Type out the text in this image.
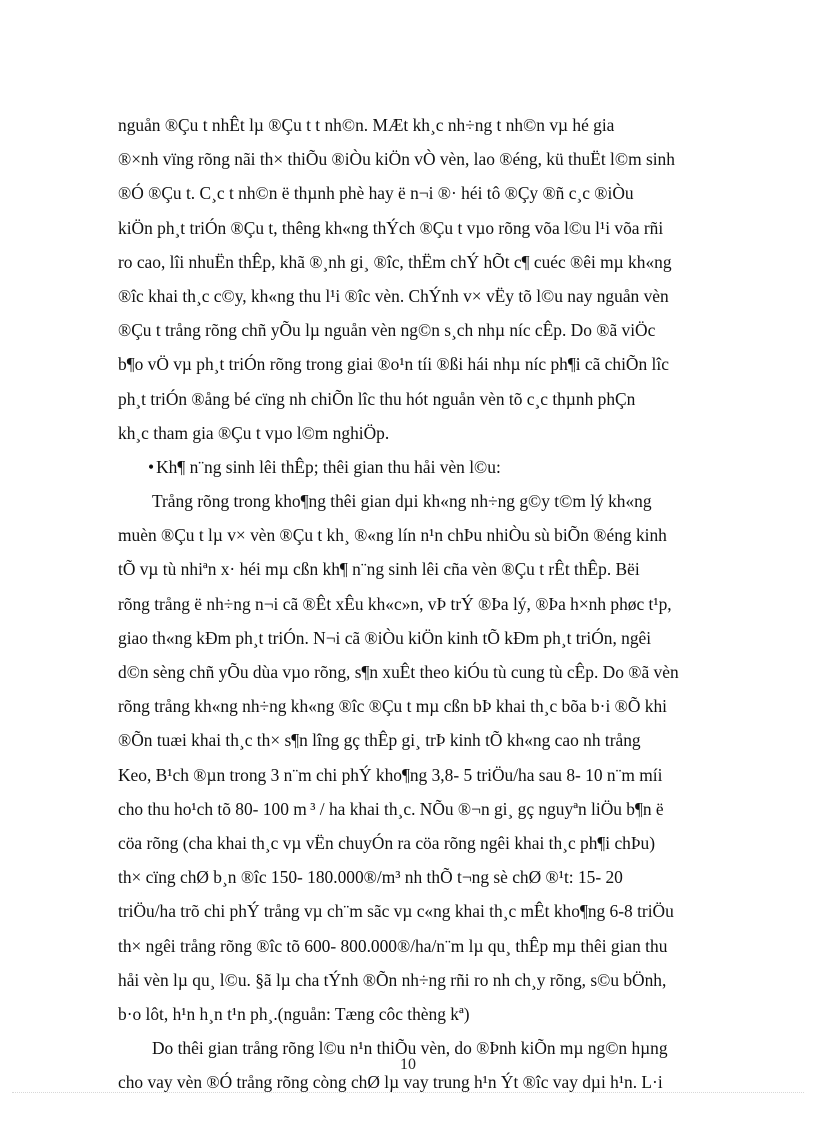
nguån ®Çu t nhÊt lµ ®Çu t t nh©n. MÆt kh¸c nh÷ng t nh©n vµ hé gia
®×nh vïng rõng nãi th× thiÕu ®iÒu kiÖn vÒ vèn, lao ®éng, kü thuËt l©m sinh
®Ó ®Çu t. C¸c t nh©n ë thµnh phè hay ë n¬i ®· héi tô ®Çy ®ñ c¸c ®iÒu
kiÖn ph¸t triÓn ®Çu t, thêng kh«ng thÝch ®Çu t vµo rõng võa l©u l¹i võa rñi
ro cao, lîi nhuËn thÊp, khã ®¸nh gi¸ ®îc, thËm chÝ hÕt c¶ cuéc ®êi mµ kh«ng
®îc khai th¸c c©y, kh«ng thu l¹i ®îc vèn. ChÝnh v× vËy tõ l©u nay nguån vèn
®Çu t trång rõng chñ yÕu lµ nguån vèn ng©n s¸ch nhµ níc cÊp. Do ®ã viÖc
b¶o vÖ vµ ph¸t triÓn rõng trong giai ®o¹n tíi ®ßi hái nhµ níc ph¶i cã chiÕn lîc
ph¸t triÓn ®ång bé cïng nh chiÕn lîc thu hót nguån vèn tõ c¸c thµnh phÇn
kh¸c tham gia ®Çu t vµo l©m nghiÖp.
• Kh¶ n¨ng sinh lêi thÊp; thêi gian thu håi vèn l©u:
Trång rõng trong kho¶ng thêi gian dµi kh«ng nh÷ng g©y t©m lý kh«ng
muèn ®Çu t lµ v× vèn ®Çu t kh¸ ®«ng lín n¹n chÞu nhiÒu sù biÕn ®éng kinh
tÕ vµ tù nhiªn x· héi mµ cßn kh¶ n¨ng sinh lêi cña vèn ®Çu t rÊt thÊp. Bëi
rõng trång ë nh÷ng n¬i cã ®Êt xÊu kh«c»n, vÞ trÝ ®Þa lý, ®Þa h×nh phøc t¹p,
giao th«ng kÐm ph¸t triÓn. N¬i cã ®iÒu kiÖn kinh tÕ kÐm ph¸t triÓn, ngêi
d©n sèng chñ yÕu dùa vµo rõng, s¶n xuÊt theo kiÓu tù cung tù cÊp. Do ®ã vèn
rõng trång kh«ng nh÷ng kh«ng ®îc ®Çu t mµ cßn bÞ khai th¸c bõa b·i ®Õ khi
®Õn tuæi khai th¸c th× s¶n lîng gç thÊp gi¸ trÞ kinh tÕ kh«ng cao nh trång
Keo, B¹ch ®µn trong 3 n¨m chi phÝ kho¶ng 3,8- 5 triÖu/ha sau 8- 10 n¨m míi
cho thu ho¹ch tõ 80- 100 m ³ / ha khai th¸c. NÕu ®¬n gi¸ gç nguyªn liÖu b¶n ë
cöa rõng (cha khai th¸c vµ vËn chuyÓn ra cöa rõng ngêi khai th¸c ph¶i chÞu)
th× cïng chØ b¸n ®îc 150- 180.000®/m³ nh thÕ t¬ng sè chØ ®¹t: 15- 20
triÖu/ha trõ chi phÝ trång vµ ch¨m sãc vµ c«ng khai th¸c mÊt kho¶ng 6-8 triÖu
th× ngêi trång rõng ®îc tõ 600- 800.000®/ha/n¨m lµ qu¸ thÊp mµ thêi gian thu
håi vèn lµ qu¸ l©u. §ã lµ cha tÝnh ®Õn nh÷ng rñi ro nh ch¸y rõng, s©u bÖnh,
b·o lôt, h¹n h¸n t¹n ph¸.(nguån: Tæng côc thèng kª)
Do thêi gian trång rõng l©u n¹n thiÕu vèn, do ®Þnh kiÕn mµ ng©n hµng
cho vay vèn ®Ó trång rõng còng chØ lµ vay trung h¹n Ýt ®îc vay dµi h¹n. L·i
10
